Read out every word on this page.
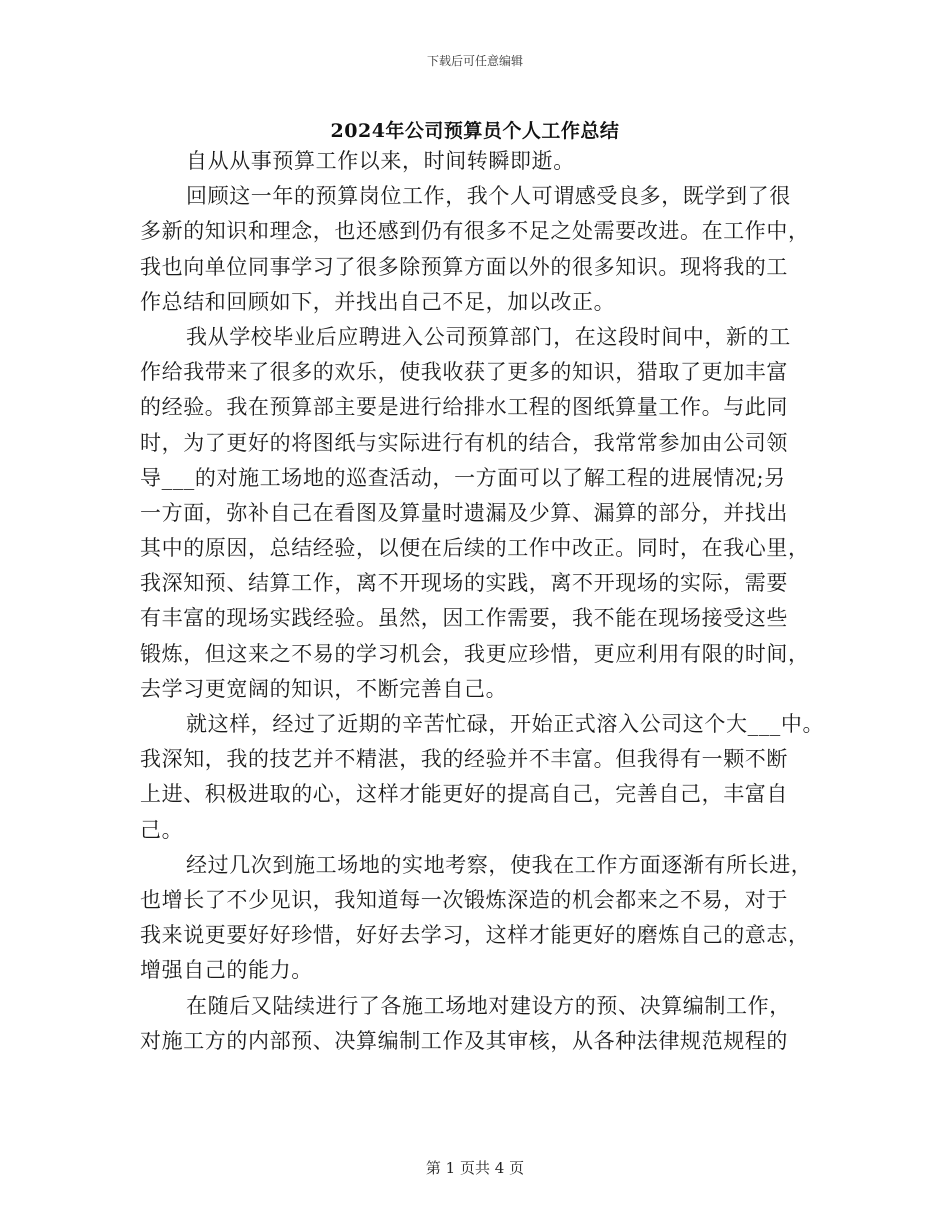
下载后可任意编辑
2024年公司预算员个人工作总结
自从从事预算工作以来，时间转瞬即逝。
回顾这一年的预算岗位工作，我个人可谓感受良多，既学到了很
多新的知识和理念，也还感到仍有很多不足之处需要改进。在工作中，
我也向单位同事学习了很多除预算方面以外的很多知识。现将我的工
作总结和回顾如下，并找出自己不足，加以改正。
我从学校毕业后应聘进入公司预算部门，在这段时间中，新的工
作给我带来了很多的欢乐，使我收获了更多的知识，猎取了更加丰富
的经验。我在预算部主要是进行给排水工程的图纸算量工作。与此同
时，为了更好的将图纸与实际进行有机的结合，我常常参加由公司领
导___的对施工场地的巡查活动，一方面可以了解工程的进展情况;另
一方面，弥补自己在看图及算量时遗漏及少算、漏算的部分，并找出
其中的原因，总结经验，以便在后续的工作中改正。同时，在我心里，
我深知预、结算工作，离不开现场的实践，离不开现场的实际，需要
有丰富的现场实践经验。虽然，因工作需要，我不能在现场接受这些
锻炼，但这来之不易的学习机会，我更应珍惜，更应利用有限的时间，
去学习更宽阔的知识，不断完善自己。
就这样，经过了近期的辛苦忙碌，开始正式溶入公司这个大___中。
我深知，我的技艺并不精湛，我的经验并不丰富。但我得有一颗不断
上进、积极进取的心，这样才能更好的提高自己，完善自己，丰富自
己。
经过几次到施工场地的实地考察，使我在工作方面逐渐有所长进，
也增长了不少见识，我知道每一次锻炼深造的机会都来之不易，对于
我来说更要好好珍惜，好好去学习，这样才能更好的磨炼自己的意志，
增强自己的能力。
在随后又陆续进行了各施工场地对建设方的预、决算编制工作，
对施工方的内部预、决算编制工作及其审核，从各种法律规范规程的
第 1 页共 4 页
